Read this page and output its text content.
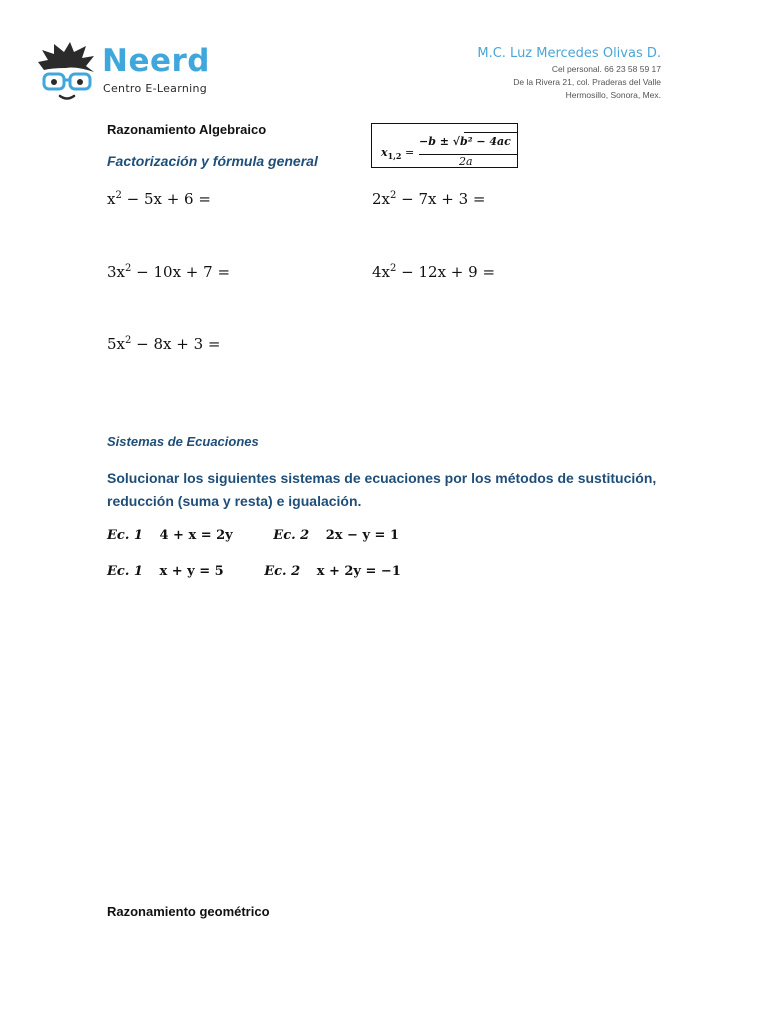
Neerd
Centro E-Learning
M.C. Luz Mercedes Olivas D.
Cel personal. 66 23 58 59 17
De la Rivera 21, col. Praderas del Valle
Hermosillo, Sonora, Mex.
Razonamiento Algebraico
Factorización y fórmula general
$x_{1,2}$ =
−b ± √b² − 4ac
2a
$x^2 - 5x + 6$ =	$2x^2 - 7x + 3$ =
$3x^2 - 10x + 7$ =	$4x^2 - 12x + 9$ =
$5x^2 - 8x + 3$ =
Sistemas de Ecuaciones
Solucionar los siguientes sistemas de ecuaciones por los métodos de sustitución, reducción (suma y resta) e igualación.
Ec. 1 4 + x = 2y	Ec. 2 2x − y = 1
Ec. 1 x + y = 5	Ec. 2 x + 2y = −1
Razonamiento geométrico
